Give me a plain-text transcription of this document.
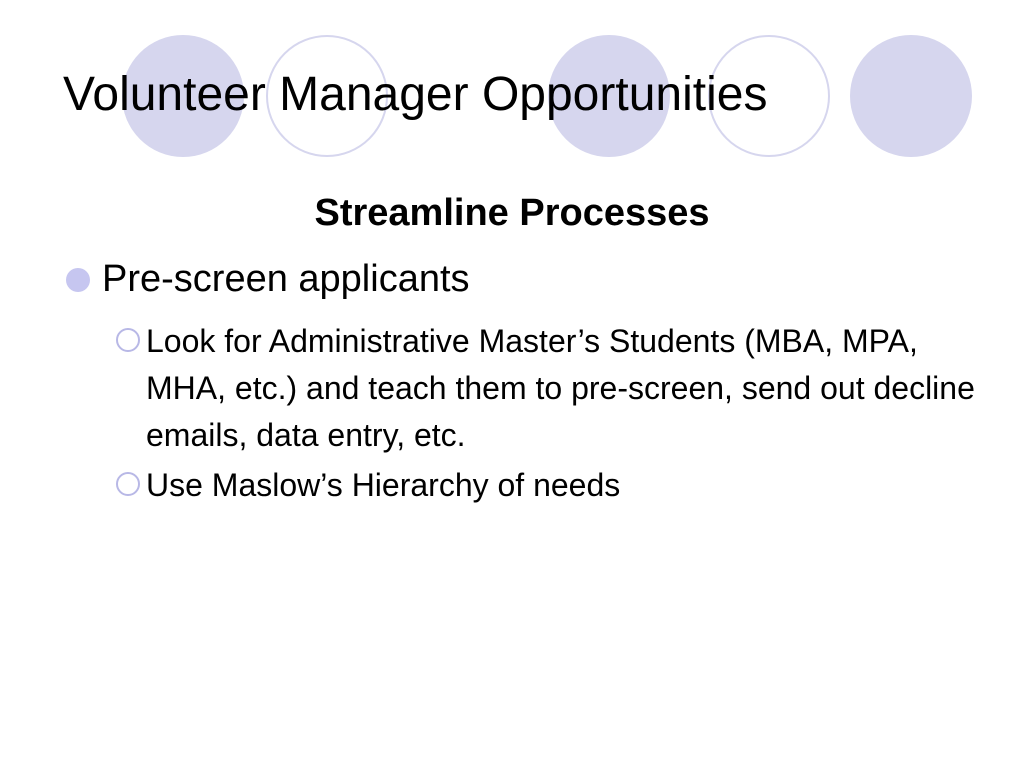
Volunteer Manager Opportunities
Streamline Processes
Pre-screen applicants
Look for Administrative Master’s Students (MBA, MPA, MHA, etc.) and teach them to pre-screen, send out decline emails, data entry, etc.
Use Maslow’s Hierarchy of needs
